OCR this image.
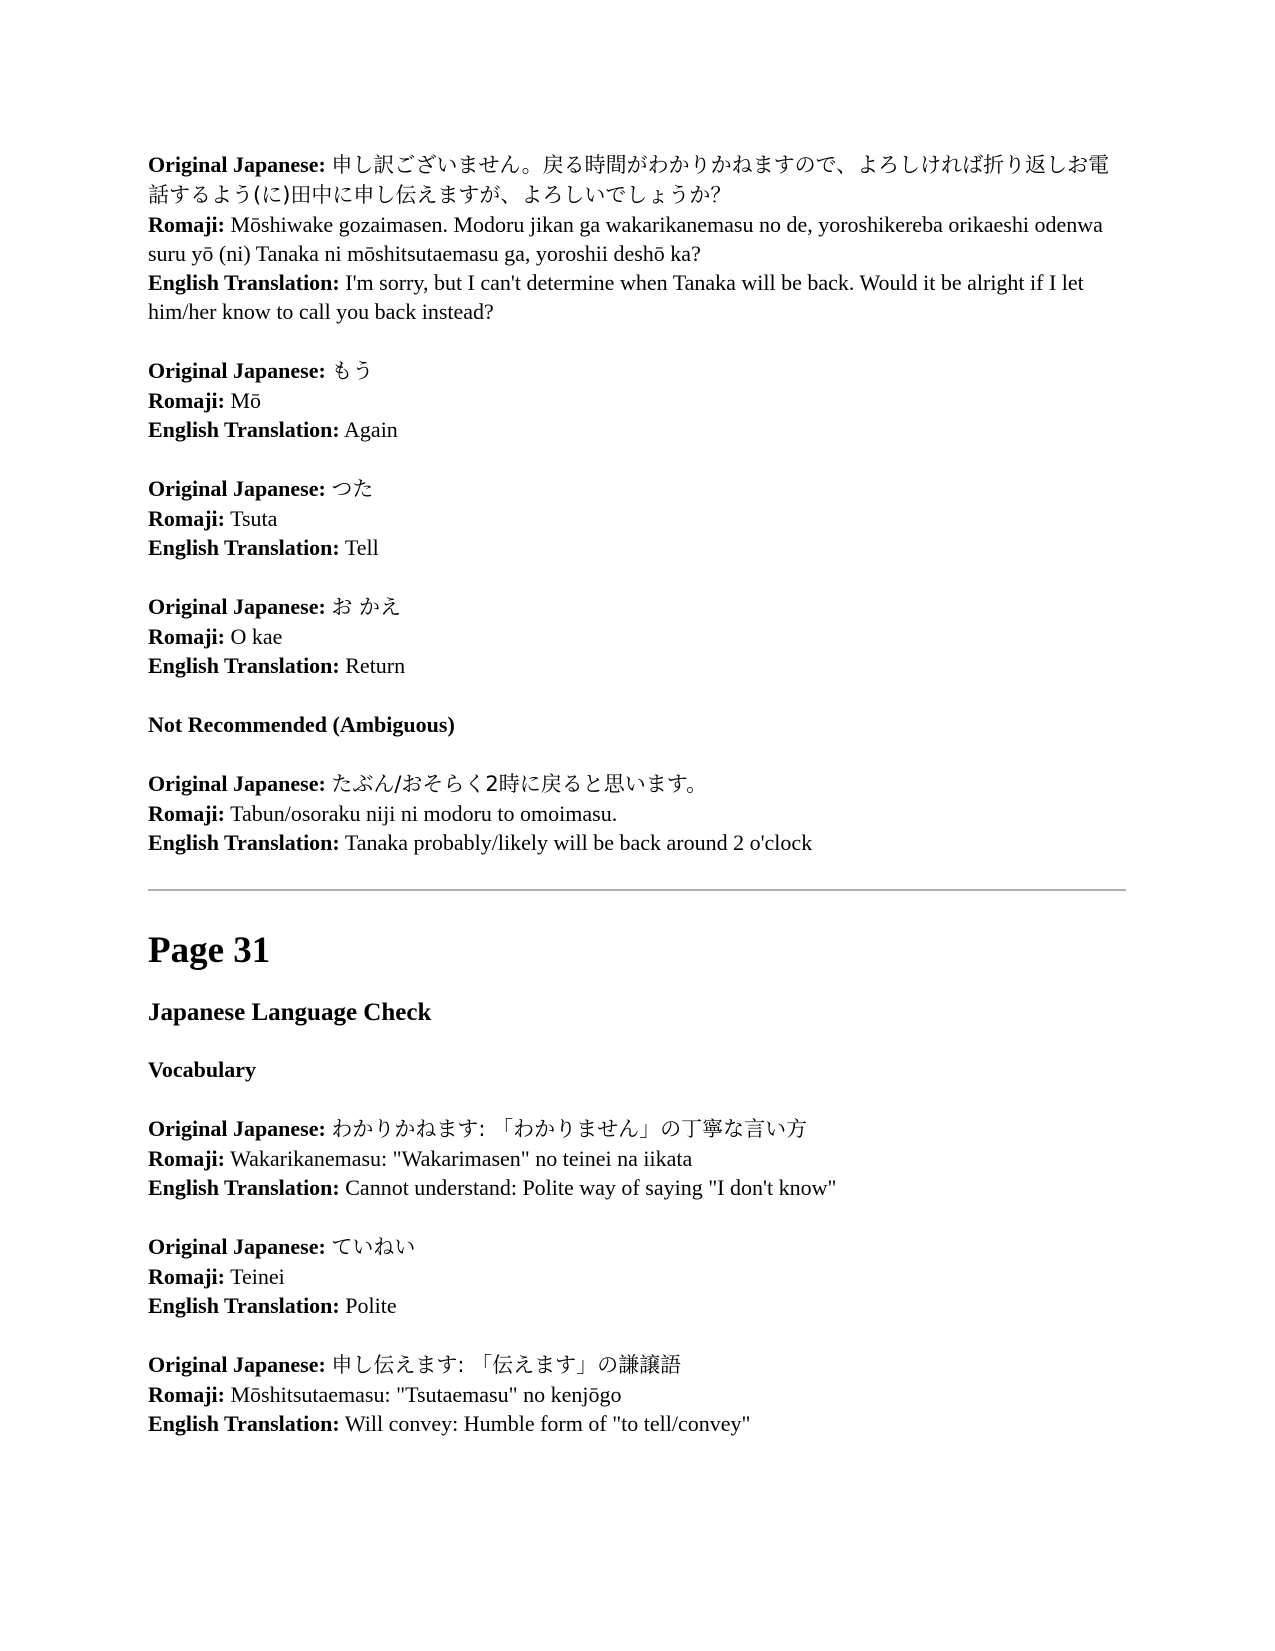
Original Japanese: 申し訳ございません。戻る時間がわかりかねますので、よろしければ折り返しお電話するよう(に)田中に申し伝えますが、よろしいでしょうか？
Romaji: Mōshiwake gozaimasen. Modoru jikan ga wakarikanemasu no de, yoroshikereba orikaeshi odenwa suru yō (ni) Tanaka ni mōshitsutaemasu ga, yoroshii deshō ka?
English Translation: I'm sorry, but I can't determine when Tanaka will be back. Would it be alright if I let him/her know to call you back instead?
Original Japanese: もう
Romaji: Mō
English Translation: Again
Original Japanese: つた
Romaji: Tsuta
English Translation: Tell
Original Japanese: お かえ
Romaji: O kae
English Translation: Return
Not Recommended (Ambiguous)
Original Japanese: たぶん/おそらく2時に戻ると思います。
Romaji: Tabun/osoraku niji ni modoru to omoimasu.
English Translation: Tanaka probably/likely will be back around 2 o'clock
Page 31
Japanese Language Check
Vocabulary
Original Japanese: わかりかねます: 「わかりません」の丁寧な言い方
Romaji: Wakarikanemasu: "Wakarimasen" no teinei na iikata
English Translation: Cannot understand: Polite way of saying "I don't know"
Original Japanese: ていねい
Romaji: Teinei
English Translation: Polite
Original Japanese: 申し伝えます: 「伝えます」の謙譲語
Romaji: Mōshitsutaemasu: "Tsutaemasu" no kenjōgo
English Translation: Will convey: Humble form of "to tell/convey"
